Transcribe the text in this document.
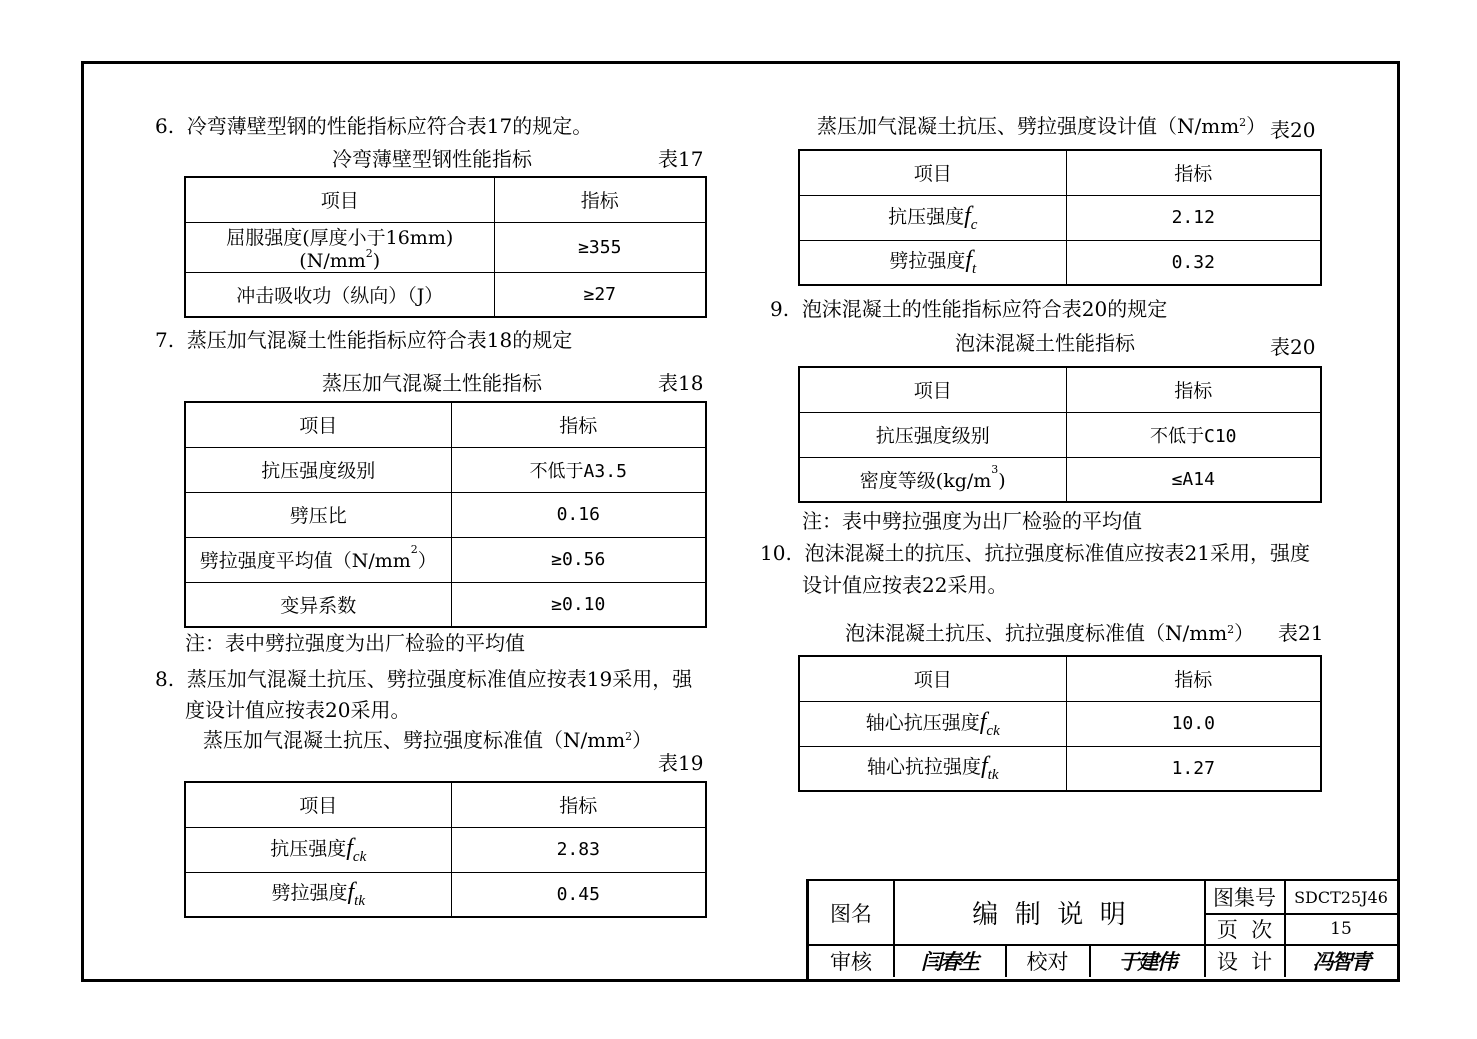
6. 冷弯薄壁型钢的性能指标应符合表17的规定。
冷弯薄壁型钢性能指标	表17
项目	指标
屈服强度(厚度小于$16mm)(N/mm^2)$	≥355
冲击吸收功（纵向）（J）	≥27
7. 蒸压加气混凝土性能指标应符合表18的规定
蒸压加气混凝土性能指标	表18
项目	指标
抗压强度级别	不低于A3.5
劈压比	0.16
劈拉强度平均值$(N/mm^2)$	≥0.56
变异系数	≥0.10
注：表中劈拉强度为出厂检验的平均值
8. 蒸压加气混凝土抗压、劈拉强度标准值应按表19采用，强
度设计值应按表20采用。
蒸压加气混凝土抗压、劈拉强度标准值$(N/mm^2)$
表19
项目	指标
抗压强度$f_{ck}$	2.83
劈拉强度$f_{tk}$	0.45
蒸压加气混凝土抗压、劈拉强度设计值$(N/mm^2)$ 表20
项目	指标
抗压强度$f_c$	2.12
劈拉强度$f_t$	0.32
9. 泡沫混凝土的性能指标应符合表20的规定
泡沫混凝土性能指标	表20
项目	指标
抗压强度级别	不低于C10
密度等级$(kg/m^3)$	≤A14
注：表中劈拉强度为出厂检验的平均值
10. 泡沫混凝土的抗压、抗拉强度标准值应按表21采用，强度
设计值应按表22采用。
泡沫混凝土抗压、抗拉强度标准值$(N/mm^2)$ 表21
项目	指标
轴心抗压强度$f_{ck}$	10.0
轴心抗拉强度$f_{tk}$	1.27
图名	编  制  说  明
图集号	SDCT25J46
页  次	15
审核	闫春生	校对	于建伟	设  计	冯智青
